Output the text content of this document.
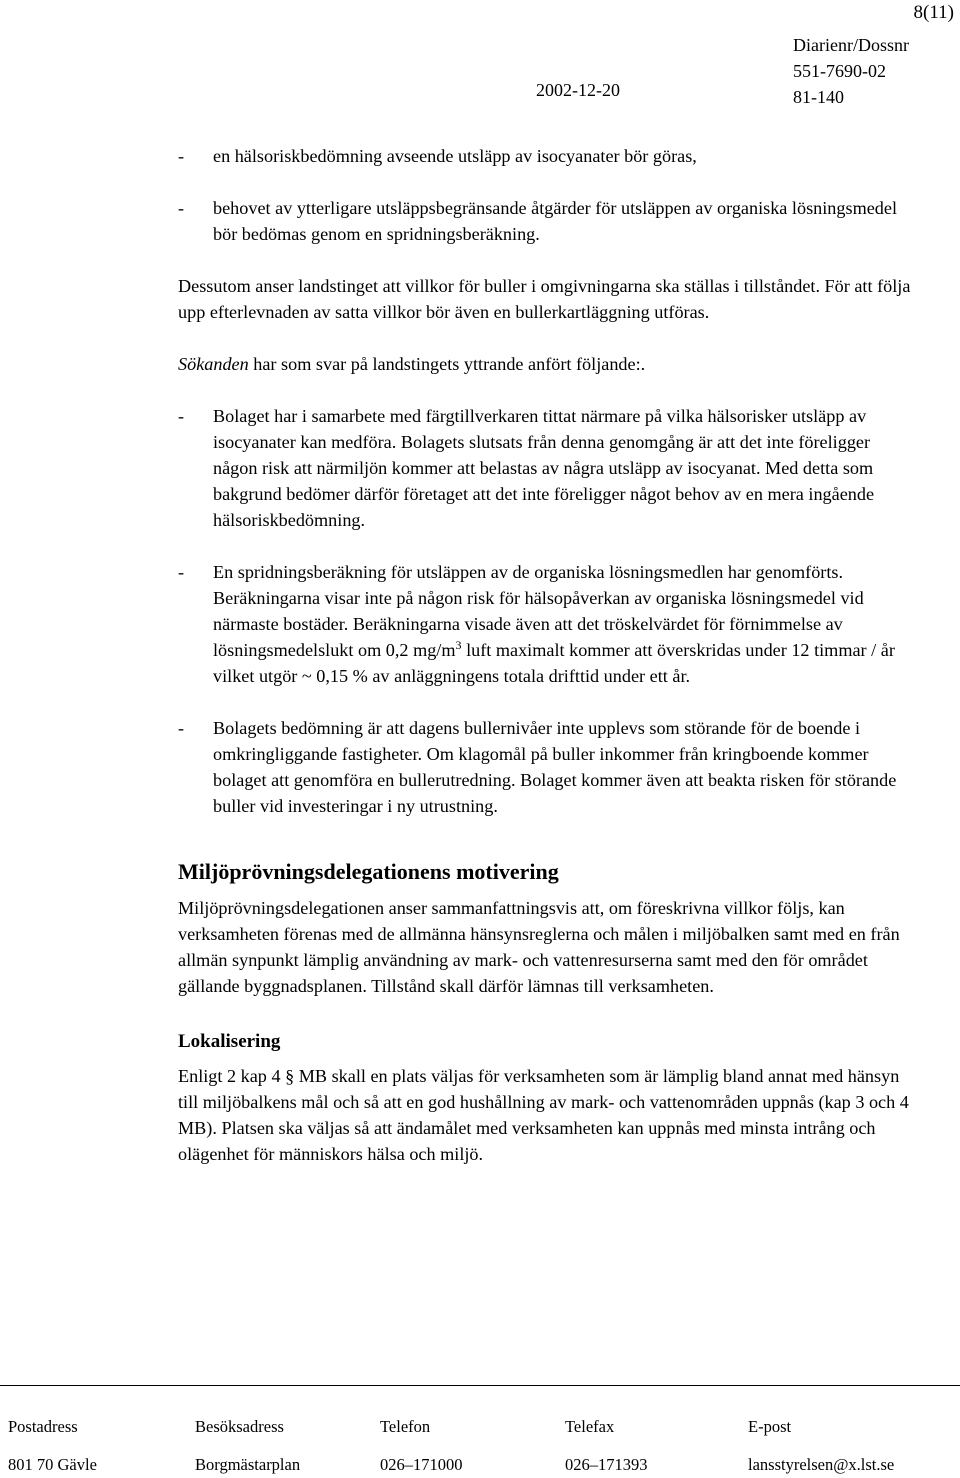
8(11)
Diarienr/Dossnr
551-7690-02
81-140
2002-12-20
-	en hälsoriskbedömning avseende utsläpp av isocyanater bör göras,
-	behovet av ytterligare utsläppsbegränsande åtgärder för utsläppen av organiska lösningsmedel bör bedömas genom en spridningsberäkning.

Dessutom anser landstinget att villkor för buller i omgivningarna ska ställas i tillståndet. För att följa upp efterlevnaden av satta villkor bör även en bullerkartläggning utföras.

Sökanden har som svar på landstingets yttrande anfört följande:.

-	Bolaget har i samarbete med färgtillverkaren tittat närmare på vilka hälsorisker utsläpp av isocyanater kan medföra. Bolagets slutsats från denna genomgång är att det inte föreligger någon risk att närmiljön kommer att belastas av några utsläpp av isocyanat. Med detta som bakgrund bedömer därför företaget att det inte föreligger något behov av en mera ingående hälsoriskbedömning.
-	En spridningsberäkning för utsläppen av de organiska lösningsmedlen har genomförts. Beräkningarna visar inte på någon risk för hälsopåverkan av organiska lösningsmedel vid närmaste bostäder. Beräkningarna visade även att det tröskelvärdet för förnimmelse av lösningsmedelslukt om 0,2 $mg/m^3$ luft maximalt kommer att överskridas under 12 timmar / år vilket utgör ~ 0,15 % av anläggningens totala drifttid under ett år.
-	Bolagets bedömning är att dagens bullernivåer inte upplevs som störande för de boende i omkringliggande fastigheter. Om klagomål på buller inkommer från kringboende kommer bolaget att genomföra en bullerutredning. Bolaget kommer även att beakta risken för störande buller vid investeringar i ny utrustning.
Miljöprövningsdelegationens motivering

Miljöprövningsdelegationen anser sammanfattningsvis att, om föreskrivna villkor följs, kan verksamheten förenas med de allmänna hänsynsreglerna och målen i miljöbalken samt med en från allmän synpunkt lämplig användning av mark- och vattenresurserna samt med den för området gällande byggnadsplanen. Tillstånd skall därför lämnas till verksamheten.

Lokalisering

Enligt 2 kap 4 § MB skall en plats väljas för verksamheten som är lämplig bland annat med hänsyn till miljöbalkens mål och så att en god hushållning av mark- och vattenområden uppnås (kap 3 och 4 MB). Platsen ska väljas så att ändamålet med verksamheten kan uppnås med minsta intrång och olägenhet för människors hälsa och miljö.

Postadress	Besöksadress	Telefon	Telefax	E-post
801 70 Gävle	Borgmästarplan	026–171000	026–171393	lansstyrelsen@x.lst.se
